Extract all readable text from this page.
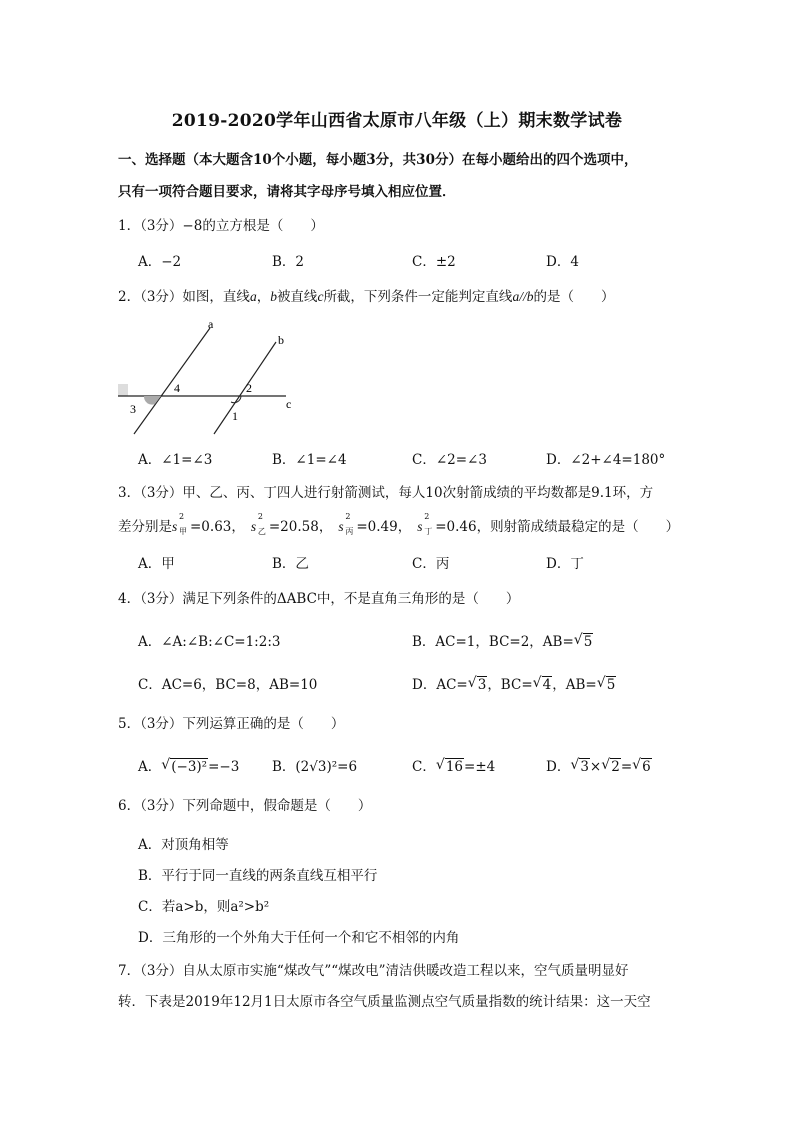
2019-2020学年山西省太原市八年级（上）期末数学试卷
一、选择题（本大题含10个小题，每小题3分，共30分）在每小题给出的四个选项中，
只有一项符合题目要求，请将其字母序号填入相应位置．
1．（3分）−8的立方根是（　　）
A．−2	B．2	C．±2	D．4
2．（3分）如图，直线a，b被直线c所截，下列条件一定能判定直线a//b的是（　　）
a
b
c
4
3
2
1
A．∠1=∠3	B．∠1=∠4	C．∠2=∠3	D．∠2+∠4=180°
3．（3分）甲、乙、丙、丁四人进行射箭测试，每人10次射箭成绩的平均数都是9.1环，方
差分别是s
2
甲 =0.63， s
2
乙 =20.58， s
2
丙 =0.49， s
2
丁 =0.46，则射箭成绩最稳定的是（　　）
A．甲	B．乙	C．丙	D．丁
4．（3分）满足下列条件的ΔABC中，不是直角三角形的是（　　）
A．∠A:∠B:∠C=1:2:3	B．AC=1，BC=2，AB= √ 5
C．AC=6，BC=8，AB=10	D．AC= √ 3，BC= √ 4，AB= √ 5
5．（3分）下列运算正确的是（　　）
A． √ (−3)²=−3 B．(2√3)²=6	C． √ 16=±4	D． √ 3× √ 2= √ 6
6．（3分）下列命题中，假命题是（　　）
A．对顶角相等
B．平行于同一直线的两条直线互相平行
C．若a>b，则a²>b²
D．三角形的一个外角大于任何一个和它不相邻的内角
7．（3分）自从太原市实施“煤改气”“煤改电”清洁供暖改造工程以来，空气质量明显好
转．下表是2019年12月1日太原市各空气质量监测点空气质量指数的统计结果：这一天空
